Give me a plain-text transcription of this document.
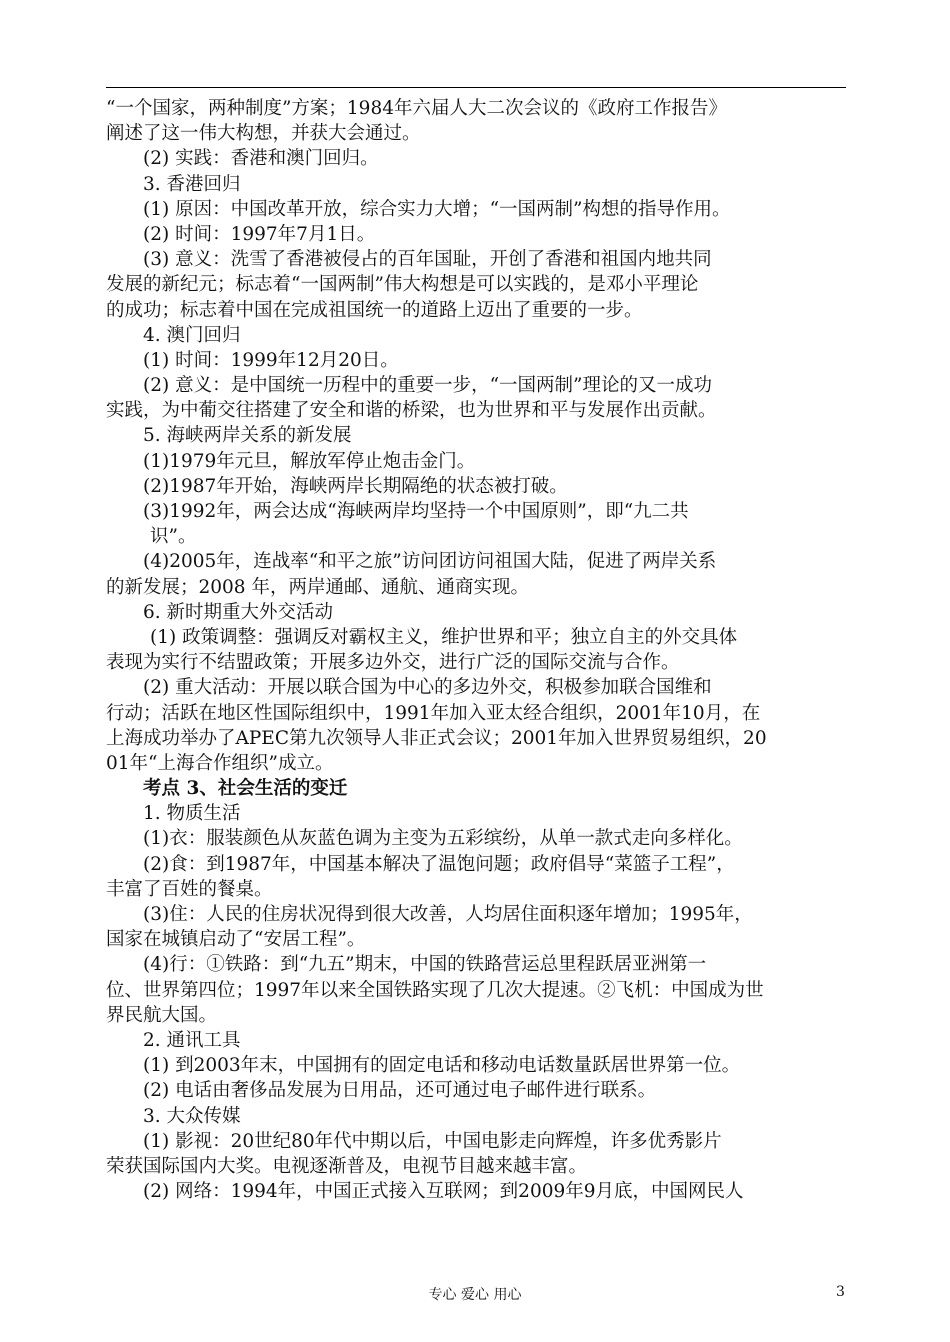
“一个国家，两种制度”方案；1984年六届人大二次会议的《政府工作报告》
阐述了这一伟大构想，并获大会通过。
(2) 实践：香港和澳门回归。
3. 香港回归
(1) 原因：中国改革开放，综合实力大增；“一国两制”构想的指导作用。
(2) 时间：1997年7月1日。
(3) 意义：洗雪了香港被侵占的百年国耻，开创了香港和祖国内地共同
发展的新纪元；标志着“一国两制”伟大构想是可以实践的，是邓小平理论
的成功；标志着中国在完成祖国统一的道路上迈出了重要的一步。
4. 澳门回归
(1) 时间：1999年12月20日。
(2) 意义：是中国统一历程中的重要一步，“一国两制”理论的又一成功
实践，为中葡交往搭建了安全和谐的桥梁，也为世界和平与发展作出贡献。
5. 海峡两岸关系的新发展
(1)1979年元旦，解放军停止炮击金门。
(2)1987年开始，海峡两岸长期隔绝的状态被打破。
(3)1992年，两会达成“海峡两岸均坚持一个中国原则”，即“九二共
识”。
(4)2005年，连战率“和平之旅”访问团访问祖国大陆，促进了两岸关系
的新发展；2008 年，两岸通邮、通航、通商实现。
6. 新时期重大外交活动
(1) 政策调整：强调反对霸权主义，维护世界和平；独立自主的外交具体
表现为实行不结盟政策；开展多边外交，进行广泛的国际交流与合作。
(2) 重大活动：开展以联合国为中心的多边外交，积极参加联合国维和
行动；活跃在地区性国际组织中，1991年加入亚太经合组织，2001年10月，在
上海成功举办了APEC第九次领导人非正式会议；2001年加入世界贸易组织，20
01年“上海合作组织”成立。
考点 3、社会生活的变迁
1. 物质生活
(1)衣：服装颜色从灰蓝色调为主变为五彩缤纷，从单一款式走向多样化。
(2)食：到1987年，中国基本解决了温饱问题；政府倡导“菜篮子工程”，
丰富了百姓的餐桌。
(3)住：人民的住房状况得到很大改善，人均居住面积逐年增加；1995年，
国家在城镇启动了“安居工程”。
(4)行：①铁路：到“九五”期末，中国的铁路营运总里程跃居亚洲第一
位、世界第四位；1997年以来全国铁路实现了几次大提速。②飞机：中国成为世
界民航大国。
2. 通讯工具
(1) 到2003年末，中国拥有的固定电话和移动电话数量跃居世界第一位。
(2) 电话由奢侈品发展为日用品，还可通过电子邮件进行联系。
3. 大众传媒
(1) 影视：20世纪80年代中期以后，中国电影走向辉煌，许多优秀影片
荣获国际国内大奖。电视逐渐普及，电视节目越来越丰富。
(2) 网络：1994年，中国正式接入互联网；到2009年9月底，中国网民人
专心 爱心 用心	3
